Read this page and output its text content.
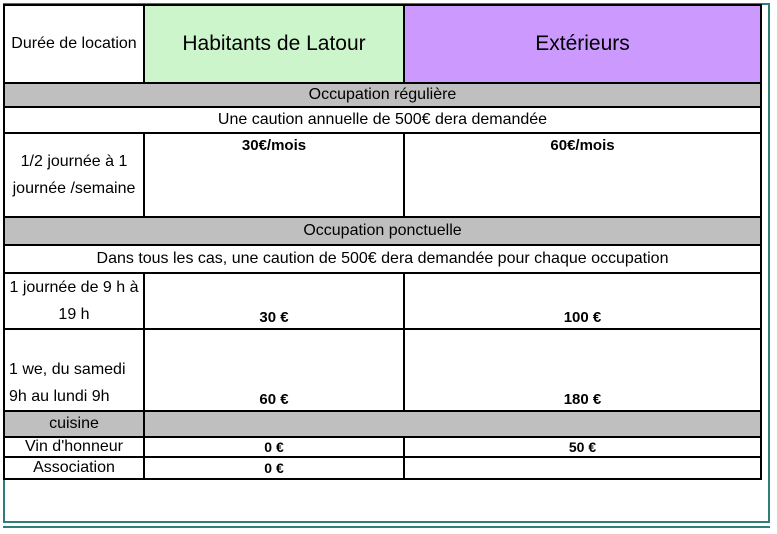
Durée de location	Habitants de Latour	Extérieurs
Occupation régulière		
Une caution annuelle de 500€ dera demandée		
1/2 journée à 1 journée /semaine	30€/mois	60€/mois
Occupation ponctuelle		
Dans tous les cas, une caution de 500€ dera demandée pour chaque occupation		
1 journée de 9 h à 19 h	30 €	100 €
1 we, du samedi 9h au lundi 9h	60 €	180 €
cuisine		
Vin d'honneur	0 €	50 €
Association	0 €	
